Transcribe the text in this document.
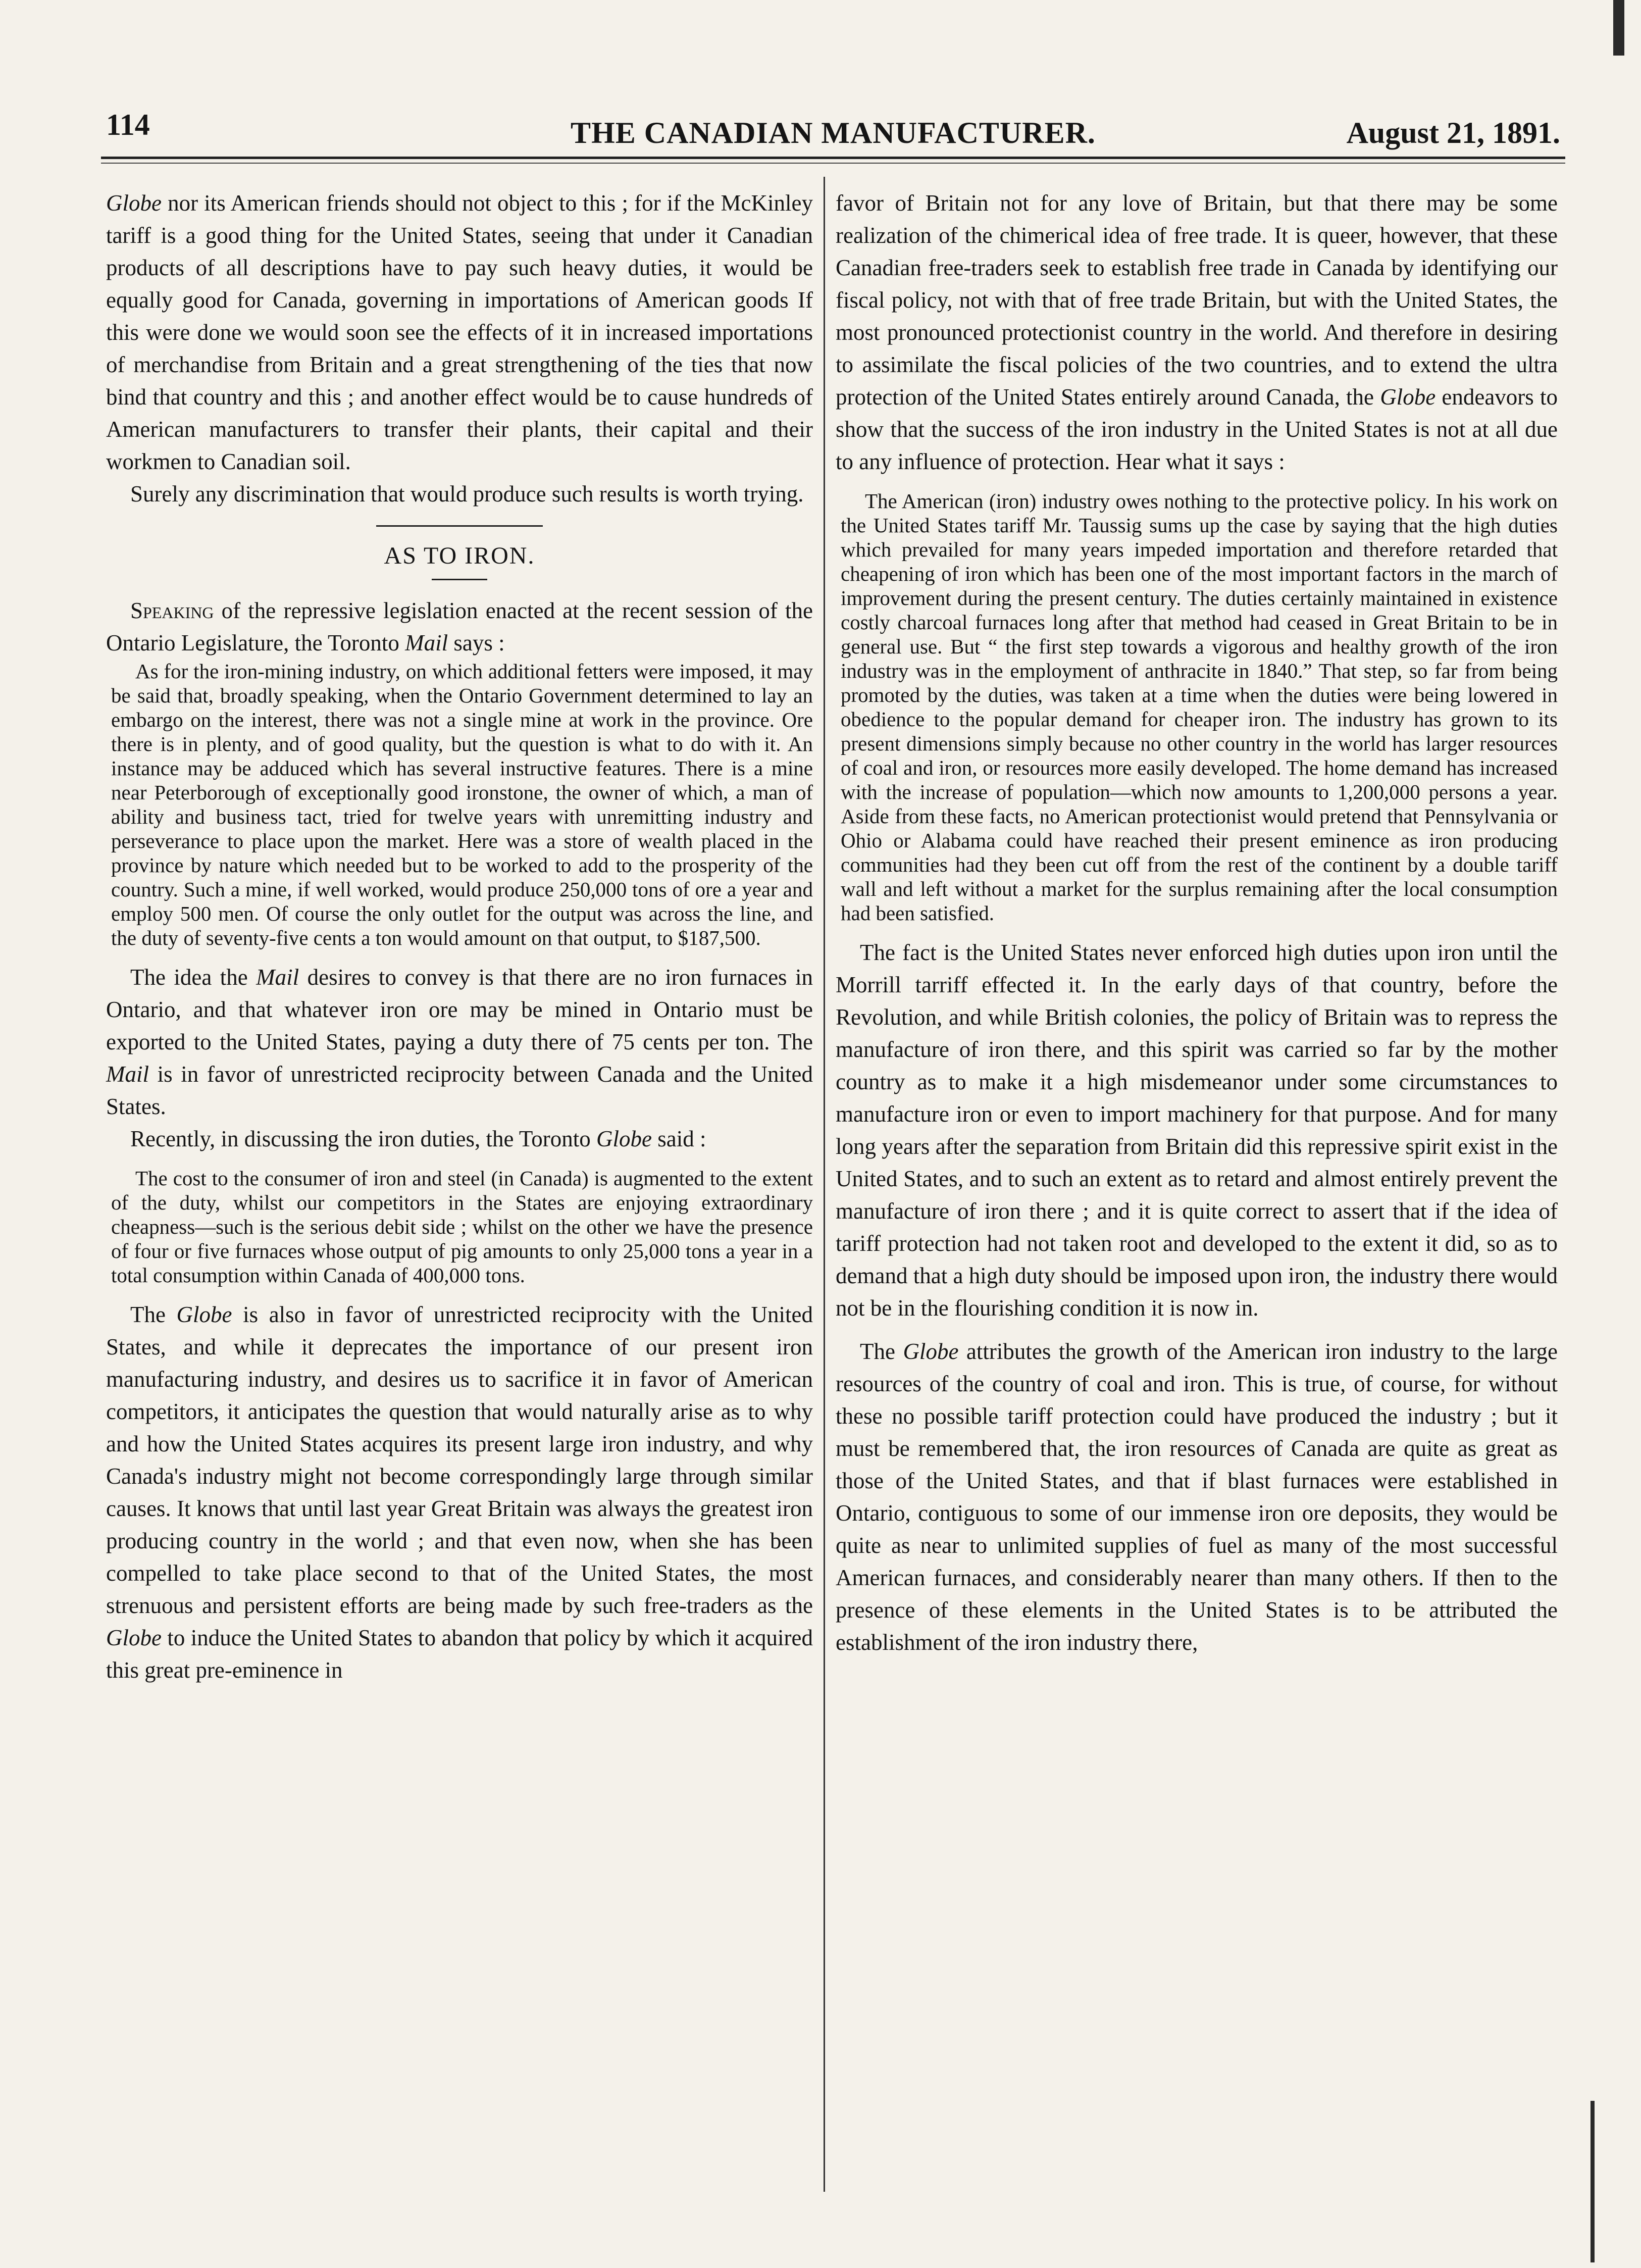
114	THE CANADIAN MANUFACTURER.	August 21, 1891.

Globe nor its American friends should not object to this ; for if the McKinley tariff is a good thing for the United States, seeing that under it Canadian products of all descriptions have to pay such heavy duties, it would be equally good for Canada, governing in importations of American goods If this were done we would soon see the effects of it in increased importations of merchandise from Britain and a great strengthening of the ties that now bind that country and this ; and another effect would be to cause hundreds of American manufacturers to transfer their plants, their capital and their workmen to Canadian soil.

Surely any discrimination that would produce such results is worth trying.

AS TO IRON.

Speaking of the repressive legislation enacted at the recent session of the Ontario Legislature, the Toronto Mail says :

As for the iron-mining industry, on which additional fetters were imposed, it may be said that, broadly speaking, when the Ontario Government determined to lay an embargo on the interest, there was not a single mine at work in the province. Ore there is in plenty, and of good quality, but the question is what to do with it. An instance may be adduced which has several instructive features. There is a mine near Peterborough of exceptionally good ironstone, the owner of which, a man of ability and business tact, tried for twelve years with unremitting industry and perseverance to place upon the market. Here was a store of wealth placed in the province by nature which needed but to be worked to add to the prosperity of the country. Such a mine, if well worked, would produce 250,000 tons of ore a year and employ 500 men. Of course the only outlet for the output was across the line, and the duty of seventy-five cents a ton would amount on that output, to $187,500.

The idea the Mail desires to convey is that there are no iron furnaces in Ontario, and that whatever iron ore may be mined in Ontario must be exported to the United States, paying a duty there of 75 cents per ton. The Mail is in favor of unrestricted reciprocity between Canada and the United States.

Recently, in discussing the iron duties, the Toronto Globe said :

The cost to the consumer of iron and steel (in Canada) is augmented to the extent of the duty, whilst our competitors in the States are enjoying extraordinary cheapness—such is the serious debit side ; whilst on the other we have the presence of four or five furnaces whose output of pig amounts to only 25,000 tons a year in a total consumption within Canada of 400,000 tons.

The Globe is also in favor of unrestricted reciprocity with the United States, and while it deprecates the importance of our present iron manufacturing industry, and desires us to sacrifice it in favor of American competitors, it anticipates the question that would naturally arise as to why and how the United States acquires its present large iron industry, and why Canada's industry might not become correspondingly large through similar causes. It knows that until last year Great Britain was always the greatest iron producing country in the world ; and that even now, when she has been compelled to take place second to that of the United States, the most strenuous and persistent efforts are being made by such free-traders as the Globe to induce the United States to abandon that policy by which it acquired this great pre-eminence in

favor of Britain not for any love of Britain, but that there may be some realization of the chimerical idea of free trade. It is queer, however, that these Canadian free-traders seek to establish free trade in Canada by identifying our fiscal policy, not with that of free trade Britain, but with the United States, the most pronounced protectionist country in the world. And therefore in desiring to assimilate the fiscal policies of the two countries, and to extend the ultra protection of the United States entirely around Canada, the Globe endeavors to show that the success of the iron industry in the United States is not at all due to any influence of protection. Hear what it says :

The American (iron) industry owes nothing to the protective policy. In his work on the United States tariff Mr. Taussig sums up the case by saying that the high duties which prevailed for many years impeded importation and therefore retarded that cheapening of iron which has been one of the most important factors in the march of improvement during the present century. The duties certainly maintained in existence costly charcoal furnaces long after that method had ceased in Great Britain to be in general use. But “ the first step towards a vigorous and healthy growth of the iron industry was in the employment of anthracite in 1840.” That step, so far from being promoted by the duties, was taken at a time when the duties were being lowered in obedience to the popular demand for cheaper iron. The industry has grown to its present dimensions simply because no other country in the world has larger resources of coal and iron, or resources more easily developed. The home demand has increased with the increase of population—which now amounts to 1,200,000 persons a year. Aside from these facts, no American protectionist would pretend that Pennsylvania or Ohio or Alabama could have reached their present eminence as iron producing communities had they been cut off from the rest of the continent by a double tariff wall and left without a market for the surplus remaining after the local consumption had been satisfied.

The fact is the United States never enforced high duties upon iron until the Morrill tarriff effected it. In the early days of that country, before the Revolution, and while British colonies, the policy of Britain was to repress the manufacture of iron there, and this spirit was carried so far by the mother country as to make it a high misdemeanor under some circumstances to manufacture iron or even to import machinery for that purpose. And for many long years after the separation from Britain did this repressive spirit exist in the United States, and to such an extent as to retard and almost entirely prevent the manufacture of iron there ; and it is quite correct to assert that if the idea of tariff protection had not taken root and developed to the extent it did, so as to demand that a high duty should be imposed upon iron, the industry there would not be in the flourishing condition it is now in.

The Globe attributes the growth of the American iron industry to the large resources of the country of coal and iron. This is true, of course, for without these no possible tariff protection could have produced the industry ; but it must be remembered that, the iron resources of Canada are quite as great as those of the United States, and that if blast furnaces were established in Ontario, contiguous to some of our immense iron ore deposits, they would be quite as near to unlimited supplies of fuel as many of the most successful American furnaces, and considerably nearer than many others. If then to the presence of these elements in the United States is to be attributed the establishment of the iron industry there,
